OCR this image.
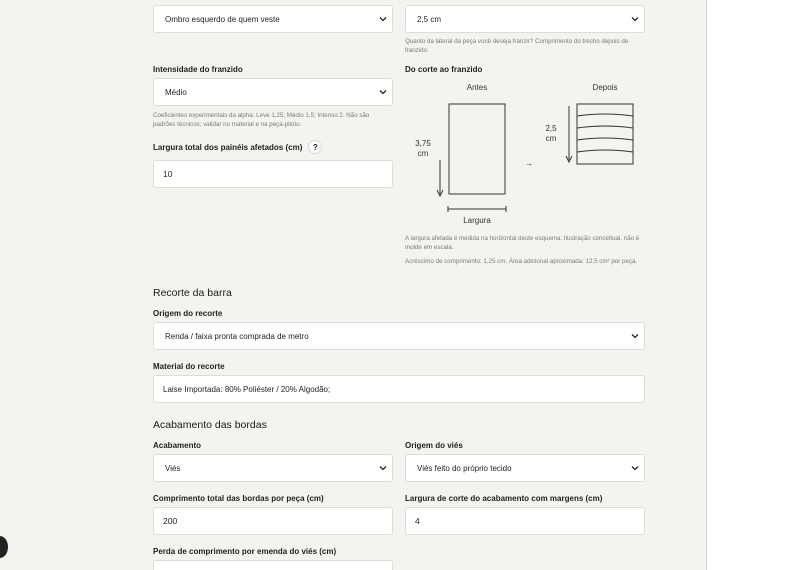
Ombro esquerdo de quem veste	2,5 cm
Quanto da lateral da peça você deseja franzir? Comprimento do trecho depois de franzido.
Intensidade do franzido
Médio
Coeficientes experimentais da alpha: Leve 1,25; Médio 1,5; Intenso 2. Não são padrões técnicos; validar no material e na peça-piloto.
Largura total dos painéis afetados (cm)	?
10
Do corte ao franzido
Antes	Depois
3,75
cm
Largura
→
2,5
cm
A largura afetada é medida na horizontal deste esquema. Ilustração conceitual, não é molde em escala.
Acréscimo de comprimento: 1,25 cm. Área adicional aproximada: 12,5 cm² por peça.
Recorte da barra
Origem do recorte
Renda / faixa pronta comprada de metro
Material do recorte
Laise Importada: 80% Poliéster / 20% Algodão;
Acabamento das bordas
Acabamento
Viés
Origem do viés
Viés feito do próprio tecido
Comprimento total das bordas por peça (cm)
200
Largura de corte do acabamento com margens (cm)
4
Perda de comprimento por emenda do viés (cm)
